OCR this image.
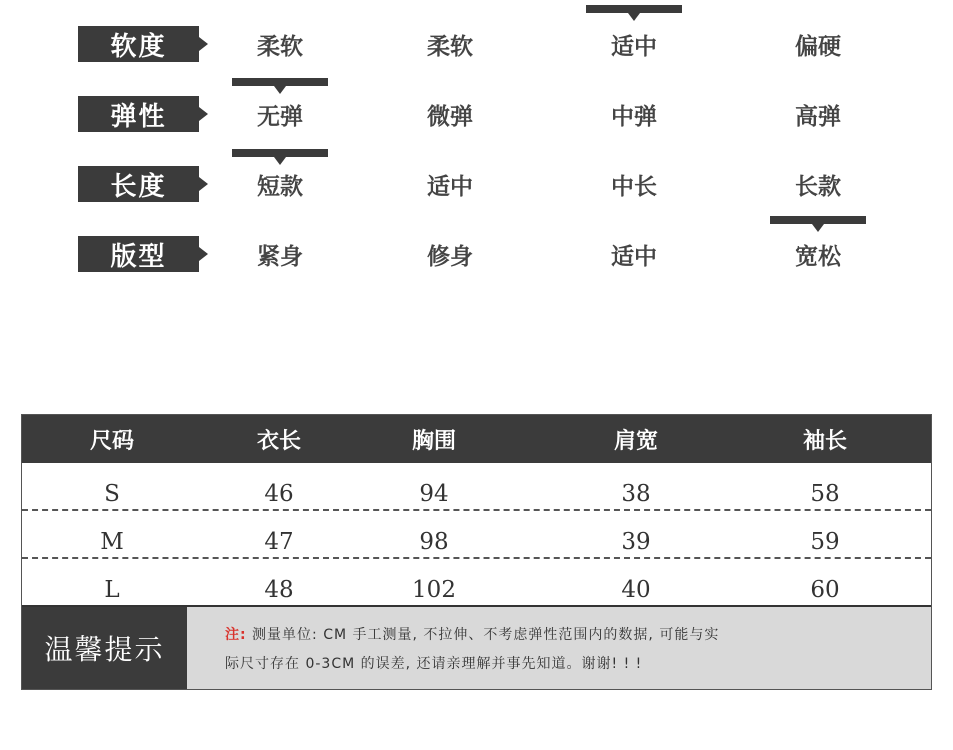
软度	柔软	柔软	适中	偏硬
弹性	无弹	微弹	中弹	高弹
长度	短款	适中	中长	长款
版型	紧身	修身	适中	宽松
尺码	衣长	胸围	肩宽	袖长
S	46	94	38	58
M	47	98	39	59
L	48	102	40	60
温馨提示	注: 测量单位: CM 手工测量, 不拉伸、不考虑弹性范围内的数据, 可能与实
际尺寸存在 0-3CM 的误差, 还请亲理解并事先知道。谢谢! ! !
